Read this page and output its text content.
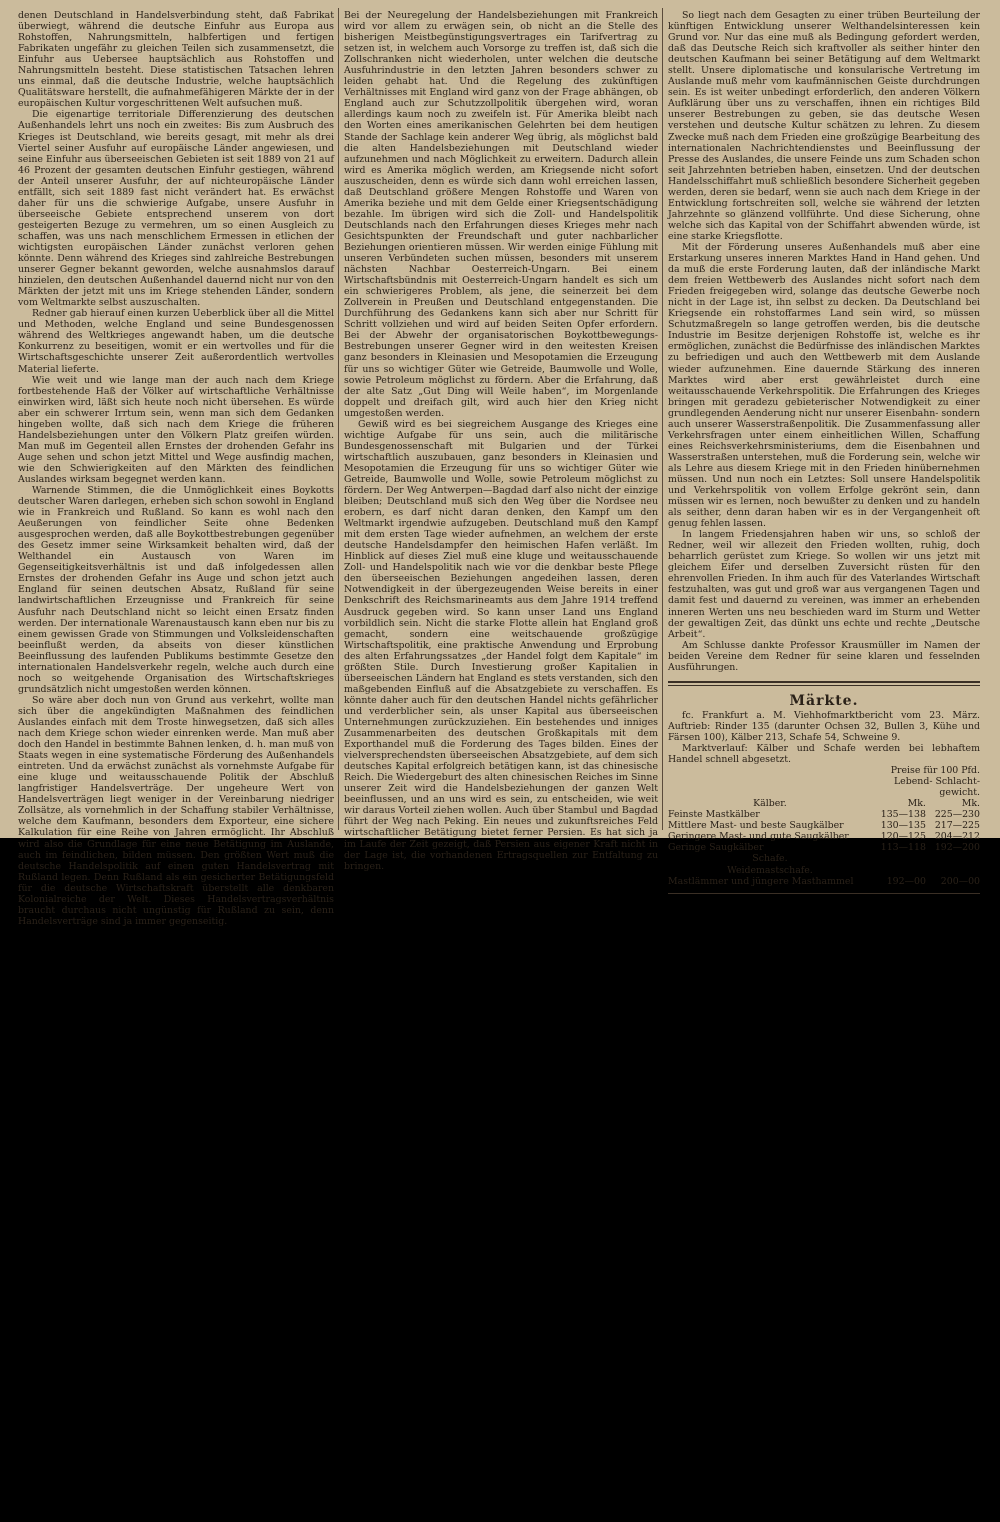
denen Deutschland in Handelsverbindung steht, daß Fabrikat überwiegt, während die deutsche Einfuhr aus Europa aus Rohstoffen, Nahrungsmitteln, halbfertigen und fertigen Fabrikaten ungefähr zu gleichen Teilen sich zusammensetzt, die Einfuhr aus Uebersee hauptsächlich aus Rohstoffen und Nahrungsmitteln besteht. Diese statistischen Tatsachen lehren uns einmal, daß die deutsche Industrie, welche hauptsächlich Qualitätsware herstellt, die aufnahmefähigeren Märkte der in der europäischen Kultur vorgeschrittenen Welt aufsuchen muß.

Die eigenartige territoriale Differenzierung des deutschen Außenhandels lehrt uns noch ein zweites: Bis zum Ausbruch des Krieges ist Deutschland, wie bereits gesagt, mit mehr als drei Viertel seiner Ausfuhr auf europäische Länder angewiesen, und seine Einfuhr aus überseeischen Gebieten ist seit 1889 von 21 auf 46 Prozent der gesamten deutschen Einfuhr gestiegen, während der Anteil unserer Ausfuhr, der auf nichteuropäische Länder entfällt, sich seit 1889 fast nicht verändert hat. Es erwächst daher für uns die schwierige Aufgabe, unsere Ausfuhr in überseeische Gebiete entsprechend unserem von dort gesteigerten Bezuge zu vermehren, um so einen Ausgleich zu schaffen, was uns nach menschlichem Ermessen in etlichen der wichtigsten europäischen Länder zunächst verloren gehen könnte. Denn während des Krieges sind zahlreiche Bestrebungen unserer Gegner bekannt geworden, welche ausnahmslos darauf hinzielen, den deutschen Außenhandel dauernd nicht nur von den Märkten der jetzt mit uns im Kriege stehenden Länder, sondern vom Weltmarkte selbst auszuschalten.

Redner gab hierauf einen kurzen Ueberblick über all die Mittel und Methoden, welche England und seine Bundesgenossen während des Weltkrieges angewandt haben, um die deutsche Konkurrenz zu beseitigen, womit er ein wertvolles und für die Wirtschaftsgeschichte unserer Zeit außerordentlich wertvolles Material lieferte.

Wie weit und wie lange man der auch nach dem Kriege fortbestehende Haß der Völker auf wirtschaftliche Verhältnisse einwirken wird, läßt sich heute noch nicht übersehen. Es würde aber ein schwerer Irrtum sein, wenn man sich dem Gedanken hingeben wollte, daß sich nach dem Kriege die früheren Handelsbeziehungen unter den Völkern Platz greifen würden. Man muß im Gegenteil allen Ernstes der drohenden Gefahr ins Auge sehen und schon jetzt Mittel und Wege ausfindig machen, wie den Schwierigkeiten auf den Märkten des feindlichen Auslandes wirksam begegnet werden kann.

Warnende Stimmen, die die Unmöglichkeit eines Boykotts deutscher Waren darlegen, erheben sich schon sowohl in England wie in Frankreich und Rußland. So kann es wohl nach den Aeußerungen von feindlicher Seite ohne Bedenken ausgesprochen werden, daß alle Boykottbestrebungen gegenüber des Gesetz immer seine Wirksamkeit behalten wird, daß der Welthandel ein Austausch von Waren im Gegenseitigkeitsverhältnis ist und daß infolgedessen allen Ernstes der drohenden Gefahr ins Auge und schon jetzt auch England für seinen deutschen Absatz, Rußland für seine landwirtschaftlichen Erzeugnisse und Frankreich für seine Ausfuhr nach Deutschland nicht so leicht einen Ersatz finden werden. Der internationale Warenaustausch kann eben nur bis zu einem gewissen Grade von Stimmungen und Volksleidenschaften beeinflußt werden, da abseits von dieser künstlichen Beeinflussung des laufenden Publikums bestimmte Gesetze den internationalen Handelsverkehr regeln, welche auch durch eine noch so weitgehende Organisation des Wirtschaftskrieges grundsätzlich nicht umgestoßen werden können.

So wäre aber doch nun von Grund aus verkehrt, wollte man sich über die angekündigten Maßnahmen des feindlichen Auslandes einfach mit dem Troste hinwegsetzen, daß sich alles nach dem Kriege schon wieder einrenken werde. Man muß aber doch den Handel in bestimmte Bahnen lenken, d. h. man muß von Staats wegen in eine systematische Förderung des Außenhandels eintreten. Und da erwächst zunächst als vornehmste Aufgabe für eine kluge und weitausschauende Politik der Abschluß langfristiger Handelsverträge. Der ungeheure Wert von Handelsverträgen liegt weniger in der Vereinbarung niedriger Zollsätze, als vornehmlich in der Schaffung stabiler Verhältnisse, welche dem Kaufmann, besonders dem Exporteur, eine sichere Kalkulation für eine Reihe von Jahren ermöglicht. Ihr Abschluß wird also die Grundlage für eine neue Betätigung im Auslande, auch im feindlichen, bilden müssen. Den größten Wert muß die deutsche Handelspolitik auf einen guten Handelsvertrag mit Rußland legen. Denn Rußland als ein gesicherter Betätigungsfeld für die deutsche Wirtschaftskraft überstellt alle denkbaren Kolonialreiche der Welt. Dieses Handelsvertragsverhältnis braucht durchaus nicht ungünstig für Rußland zu sein, denn Handelsverträge sind ja immer gegenseitig.

Bei der Neuregelung der Handelsbeziehungen mit Frankreich wird vor allem zu erwägen sein, ob nicht an die Stelle des bisherigen Meistbegünstigungsvertrages ein Tarifvertrag zu setzen ist, in welchem auch Vorsorge zu treffen ist, daß sich die Zollschranken nicht wiederholen, unter welchen die deutsche Ausfuhrindustrie in den letzten Jahren besonders schwer zu leiden gehabt hat. Und die Regelung des zukünftigen Verhältnisses mit England wird ganz von der Frage abhängen, ob England auch zur Schutzzollpolitik übergehen wird, woran allerdings kaum noch zu zweifeln ist. Für Amerika bleibt nach den Worten eines amerikanischen Gelehrten bei dem heutigen Stande der Sachlage kein anderer Weg übrig, als möglichst bald die alten Handelsbeziehungen mit Deutschland wieder aufzunehmen und nach Möglichkeit zu erweitern. Dadurch allein wird es Amerika möglich werden, am Kriegsende nicht sofort auszuscheiden, denn es würde sich dann wohl erreichen lassen, daß Deutschland größere Mengen Rohstoffe und Waren von Amerika beziehe und mit dem Gelde einer Kriegsentschädigung bezahle. Im übrigen wird sich die Zoll- und Handelspolitik Deutschlands nach den Erfahrungen dieses Krieges mehr nach Gesichtspunkten der Freundschaft und guter nachbarlicher Beziehungen orientieren müssen. Wir werden einige Fühlung mit unseren Verbündeten suchen müssen, besonders mit unserem nächsten Nachbar Oesterreich-Ungarn. Bei einem Wirtschaftsbündnis mit Oesterreich-Ungarn handelt es sich um ein schwierigeres Problem, als jene, die seinerzeit bei dem Zollverein in Preußen und Deutschland entgegenstanden. Die Durchführung des Gedankens kann sich aber nur Schritt für Schritt vollziehen und wird auf beiden Seiten Opfer erfordern. Bei der Abwehr der organisatorischen Boykottbewegungs-Bestrebungen unserer Gegner wird in den weitesten Kreisen ganz besonders in Kleinasien und Mesopotamien die Erzeugung für uns so wichtiger Güter wie Getreide, Baumwolle und Wolle, sowie Petroleum möglichst zu fördern. Aber die Erfahrung, daß der alte Satz „Gut Ding will Weile haben“, im Morgenlande doppelt und dreifach gilt, wird auch hier den Krieg nicht umgestoßen werden.

Gewiß wird es bei siegreichem Ausgange des Krieges eine wichtige Aufgabe für uns sein, auch die militärische Bundesgenossenschaft mit Bulgarien und der Türkei wirtschaftlich auszubauen, ganz besonders in Kleinasien und Mesopotamien die Erzeugung für uns so wichtiger Güter wie Getreide, Baumwolle und Wolle, sowie Petroleum möglichst zu fördern. Der Weg Antwerpen—Bagdad darf also nicht der einzige bleiben; Deutschland muß sich den Weg über die Nordsee neu erobern, es darf nicht daran denken, den Kampf um den Weltmarkt irgendwie aufzugeben. Deutschland muß den Kampf mit dem ersten Tage wieder aufnehmen, an welchem der erste deutsche Handelsdampfer den heimischen Hafen verläßt. Im Hinblick auf dieses Ziel muß eine kluge und weitausschauende Zoll- und Handelspolitik nach wie vor die denkbar beste Pflege den überseeischen Beziehungen angedeihen lassen, deren Notwendigkeit in der übergezeugenden Weise bereits in einer Denkschrift des Reichsmarineamts aus dem Jahre 1914 treffend Ausdruck gegeben wird. So kann unser Land uns England vorbildlich sein. Nicht die starke Flotte allein hat England groß gemacht, sondern eine weitschauende großzügige Wirtschaftspolitik, eine praktische Anwendung und Erprobung des alten Erfahrungssatzes „der Handel folgt dem Kapitale“ im größten Stile. Durch Investierung großer Kapitalien in überseeischen Ländern hat England es stets verstanden, sich den maßgebenden Einfluß auf die Absatzgebiete zu verschaffen. Es könnte daher auch für den deutschen Handel nichts gefährlicher und verderblicher sein, als unser Kapital aus überseeischen Unternehmungen zurückzuziehen. Ein bestehendes und inniges Zusammenarbeiten des deutschen Großkapitals mit dem Exporthandel muß die Forderung des Tages bilden. Eines der vielversprechendsten überseeischen Absatzgebiete, auf dem sich deutsches Kapital erfolgreich betätigen kann, ist das chinesische Reich. Die Wiedergeburt des alten chinesischen Reiches im Sinne unserer Zeit wird die Handelsbeziehungen der ganzen Welt beeinflussen, und an uns wird es sein, zu entscheiden, wie weit wir daraus Vorteil ziehen wollen. Auch über Stambul und Bagdad führt der Weg nach Peking. Ein neues und zukunftsreiches Feld wirtschaftlicher Betätigung bietet ferner Persien. Es hat sich ja im Laufe der Zeit gezeigt, daß Persien aus eigener Kraft nicht in der Lage ist, die vorhandenen Ertragsquellen zur Entfaltung zu bringen.

So liegt nach dem Gesagten zu einer trüben Beurteilung der künftigen Entwicklung unserer Welthandelsinteressen kein Grund vor. Nur das eine muß als Bedingung gefordert werden, daß das Deutsche Reich sich kraftvoller als seither hinter den deutschen Kaufmann bei seiner Betätigung auf dem Weltmarkt stellt. Unsere diplomatische und konsularische Vertretung im Auslande muß mehr vom kaufmännischen Geiste durchdrungen sein. Es ist weiter unbedingt erforderlich, den anderen Völkern Aufklärung über uns zu verschaffen, ihnen ein richtiges Bild unserer Bestrebungen zu geben, sie das deutsche Wesen verstehen und deutsche Kultur schätzen zu lehren. Zu diesem Zwecke muß nach dem Frieden eine großzügige Bearbeitung des internationalen Nachrichtendienstes und Beeinflussung der Presse des Auslandes, die unsere Feinde uns zum Schaden schon seit Jahrzehnten betrieben haben, einsetzen. Und der deutschen Handelsschiffahrt muß schließlich besondere Sicherheit gegeben werden, deren sie bedarf, wenn sie auch nach dem Kriege in der Entwicklung fortschreiten soll, welche sie während der letzten Jahrzehnte so glänzend vollführte. Und diese Sicherung, ohne welche sich das Kapital von der Schiffahrt abwenden würde, ist eine starke Kriegsflotte.

Mit der Förderung unseres Außenhandels muß aber eine Erstarkung unseres inneren Marktes Hand in Hand gehen. Und da muß die erste Forderung lauten, daß der inländische Markt dem freien Wettbewerb des Auslandes nicht sofort nach dem Frieden freigegeben wird, solange das deutsche Gewerbe noch nicht in der Lage ist, ihn selbst zu decken. Da Deutschland bei Kriegsende ein rohstoffarmes Land sein wird, so müssen Schutzmaßregeln so lange getroffen werden, bis die deutsche Industrie im Besitze derjenigen Rohstoffe ist, welche es ihr ermöglichen, zunächst die Bedürfnisse des inländischen Marktes zu befriedigen und auch den Wettbewerb mit dem Auslande wieder aufzunehmen. Eine dauernde Stärkung des inneren Marktes wird aber erst gewährleistet durch eine weitausschauende Verkehrspolitik. Die Erfahrungen des Krieges bringen mit geradezu gebieterischer Notwendigkeit zu einer grundlegenden Aenderung nicht nur unserer Eisenbahn- sondern auch unserer Wasserstraßenpolitik. Die Zusammenfassung aller Verkehrsfragen unter einem einheitlichen Willen, Schaffung eines Reichsverkehrsministeriums, dem die Eisenbahnen und Wasserstraßen unterstehen, muß die Forderung sein, welche wir als Lehre aus diesem Kriege mit in den Frieden hinübernehmen müssen. Und nun noch ein Letztes: Soll unsere Handelspolitik und Verkehrspolitik von vollem Erfolge gekrönt sein, dann müssen wir es lernen, noch bewußter zu denken und zu handeln als seither, denn daran haben wir es in der Vergangenheit oft genug fehlen lassen.

In langem Friedensjahren haben wir uns, so schloß der Redner, weil wir allezeit den Frieden wollten, ruhig, doch beharrlich gerüstet zum Kriege. So wollen wir uns jetzt mit gleichem Eifer und derselben Zuversicht rüsten für den ehrenvollen Frieden. In ihm auch für des Vaterlandes Wirtschaft festzuhalten, was gut und groß war aus vergangenen Tagen und damit fest und dauernd zu vereinen, was immer an erhebenden inneren Werten uns neu beschieden ward im Sturm und Wetter der gewaltigen Zeit, das dünkt uns echte und rechte „Deutsche Arbeit“.

Am Schlusse dankte Professor Krausmüller im Namen der beiden Vereine dem Redner für seine klaren und fesselnden Ausführungen.

Märkte.

fc. Frankfurt a. M. Viehhofmarktbericht vom 23. März. Auftrieb: Rinder 135 (darunter Ochsen 32, Bullen 3, Kühe und Färsen 100), Kälber 213, Schafe 54, Schweine 9.

Marktverlauf: Kälber und Schafe werden bei lebhaftem Handel schnell abgesetzt.

	Preise für 100 Pfd.	
	Lebend- Schlacht-	
	gewicht.	
Kälber.	Mk.	Mk.
Feinste Mastkälber	135—138	225—230
Mittlere Mast- und beste Saugkälber	130—135	217—225
Geringere Mast- und gute Saugkälber	120—125	204—212
Geringe Saugkälber	113—118	192—200
Schafe.		
Weidemastschafe.		
Mastlämmer und jüngere Masthammel	192—00	200—00
